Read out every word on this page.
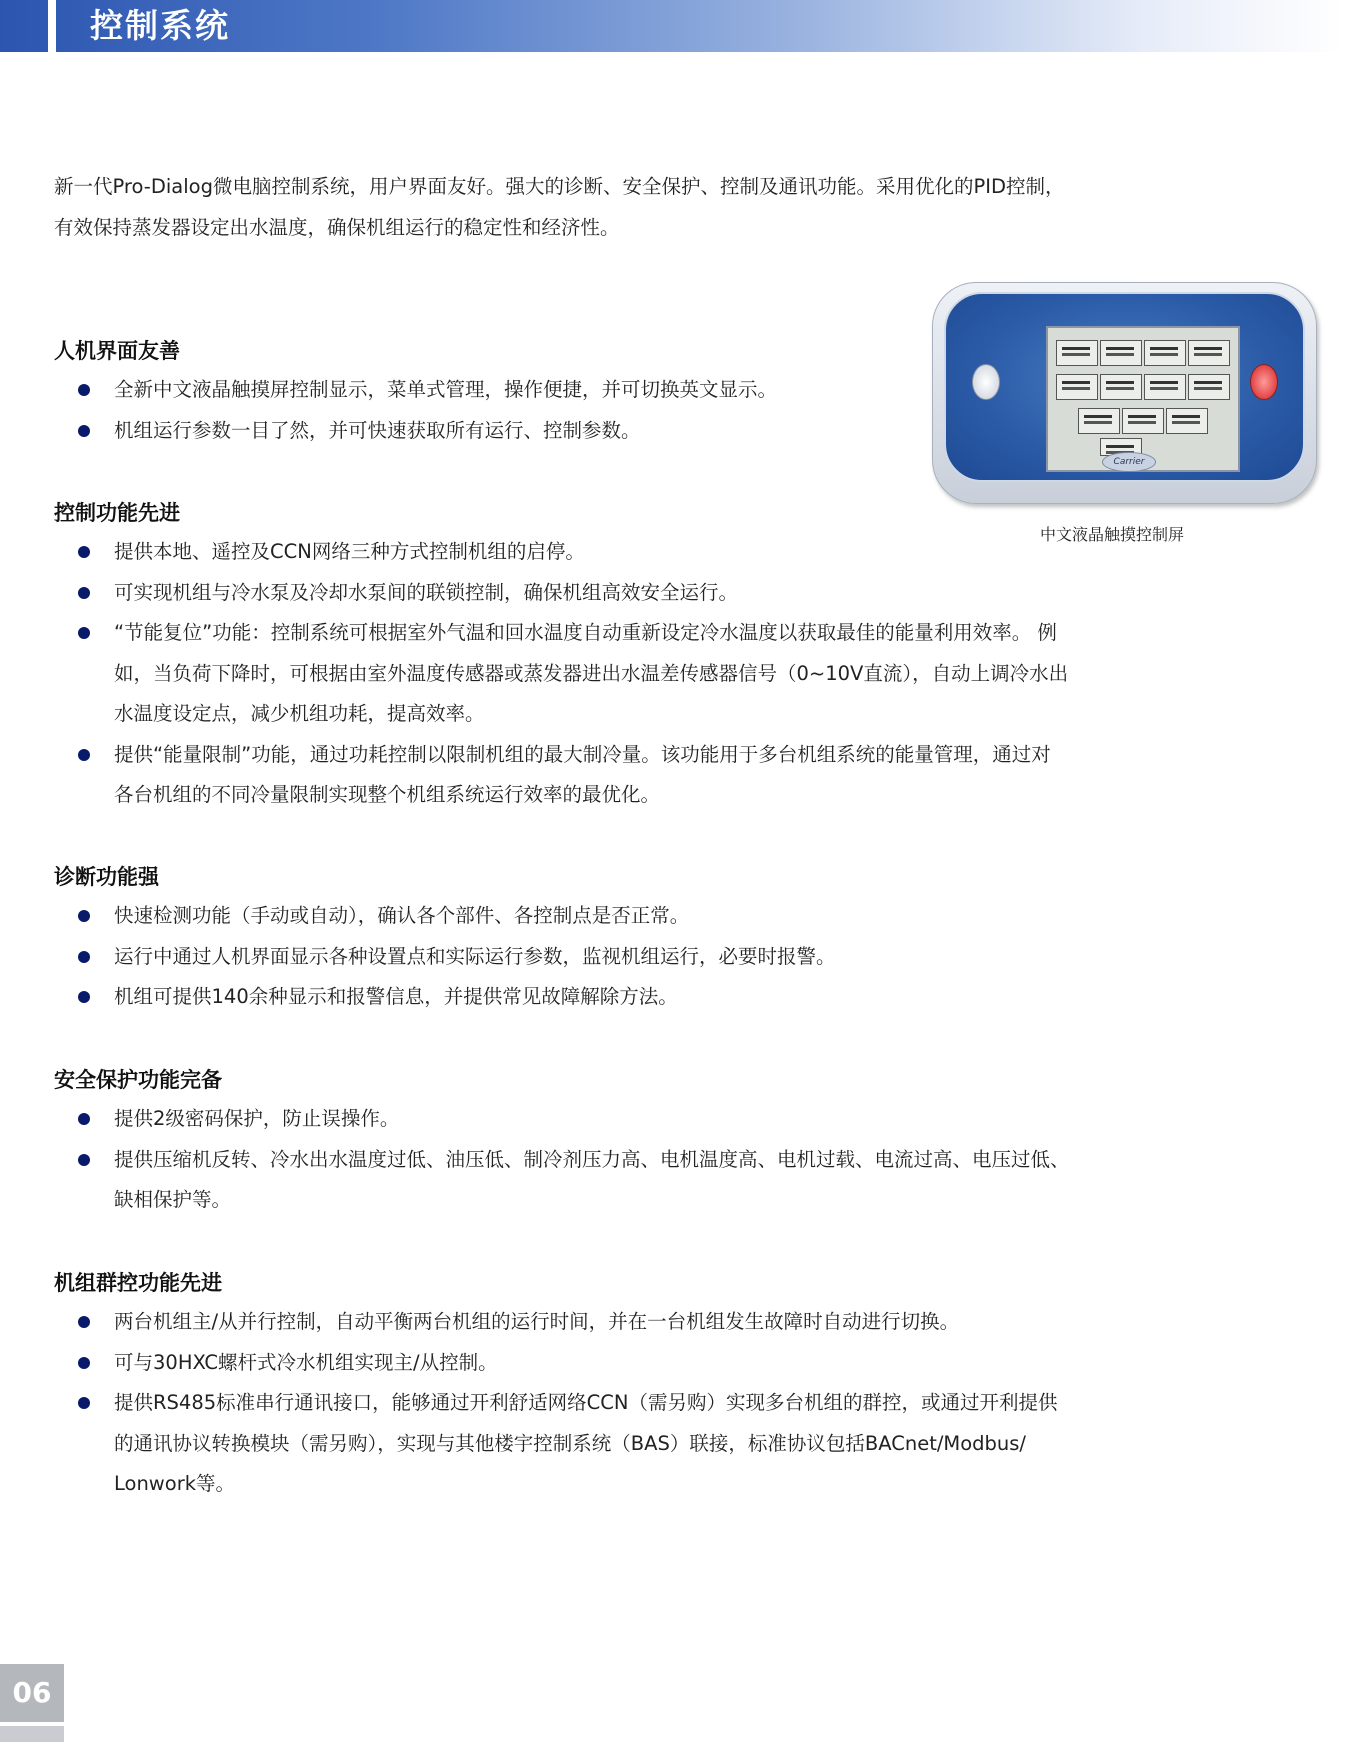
控制系统

新一代Pro-Dialog微电脑控制系统，用户界面友好。强大的诊断、安全保护、控制及通讯功能。采用优化的PID控制，

有效保持蒸发器设定出水温度，确保机组运行的稳定性和经济性。

Carrier
中文液晶触摸控制屏
人机界面友善
全新中文液晶触摸屏控制显示，菜单式管理，操作便捷，并可切换英文显示。
机组运行参数一目了然，并可快速获取所有运行、控制参数。
控制功能先进
提供本地、遥控及CCN网络三种方式控制机组的启停。
可实现机组与冷水泵及冷却水泵间的联锁控制，确保机组高效安全运行。
“节能复位”功能：控制系统可根据室外气温和回水温度自动重新设定冷水温度以获取最佳的能量利用效率。 例
如，当负荷下降时，可根据由室外温度传感器或蒸发器进出水温差传感器信号（0~10V直流），自动上调冷水出
水温度设定点，减少机组功耗，提高效率。
提供“能量限制”功能，通过功耗控制以限制机组的最大制冷量。该功能用于多台机组系统的能量管理，通过对
各台机组的不同冷量限制实现整个机组系统运行效率的最优化。
诊断功能强
快速检测功能（手动或自动），确认各个部件、各控制点是否正常。
运行中通过人机界面显示各种设置点和实际运行参数，监视机组运行，必要时报警。
机组可提供140余种显示和报警信息，并提供常见故障解除方法。
安全保护功能完备
提供2级密码保护，防止误操作。
提供压缩机反转、冷水出水温度过低、油压低、制冷剂压力高、电机温度高、电机过载、电流过高、电压过低、
缺相保护等。
机组群控功能先进
两台机组主/从并行控制，自动平衡两台机组的运行时间，并在一台机组发生故障时自动进行切换。
可与30HXC螺杆式冷水机组实现主/从控制。
提供RS485标准串行通讯接口，能够通过开利舒适网络CCN（需另购）实现多台机组的群控，或通过开利提供
的通讯协议转换模块（需另购），实现与其他楼宇控制系统（BAS）联接，标准协议包括BACnet/Modbus/
Lonwork等。
06
